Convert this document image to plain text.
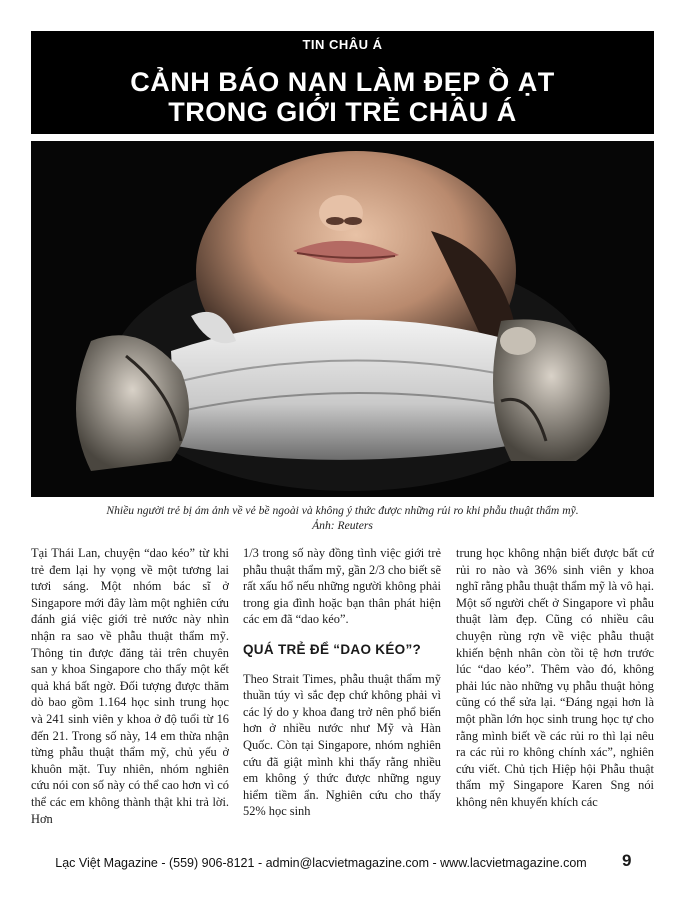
TIN CHÂU Á
CẢNH BÁO NẠN LÀM ĐẸP Ồ ẠT
TRONG GIỚI TRẺ CHÂU Á
Nhiều người trẻ bị ám ảnh về vẻ bề ngoài và không ý thức được những rủi ro khi phẫu thuật thẩm mỹ.
Ảnh: Reuters

Tại Thái Lan, chuyện “dao kéo” từ khi trẻ đem lại hy vọng về một tương lai tươi sáng. Một nhóm bác sĩ ở Singapore mới đây làm một nghiên cứu đánh giá việc giới trẻ nước này nhìn nhận ra sao về phẫu thuật thẩm mỹ. Thông tin được đăng tải trên chuyên san y khoa Singapore cho thấy một kết quả khá bất ngờ. Đối tượng được thăm dò bao gồm 1.164 học sinh trung học và 241 sinh viên y khoa ở độ tuổi từ 16 đến 21. Trong số này, 14 em thừa nhận từng phẫu thuật thẩm mỹ, chủ yếu ở khuôn mặt. Tuy nhiên, nhóm nghiên cứu nói con số này có thể cao hơn vì có thể các em không thành thật khi trả lời. Hơn

1/3 trong số này đồng tình việc giới trẻ phẫu thuật thẩm mỹ, gần 2/3 cho biết sẽ rất xấu hổ nếu những người không phải trong gia đình hoặc bạn thân phát hiện các em đã “dao kéo”.

QUÁ TRẺ ĐỂ “DAO KÉO”?

Theo Strait Times, phẫu thuật thẩm mỹ thuần túy vì sắc đẹp chứ không phải vì các lý do y khoa đang trở nên phổ biến hơn ở nhiều nước như Mỹ và Hàn Quốc. Còn tại Singapore, nhóm nghiên cứu đã giật mình khi thấy rằng nhiều em không ý thức được những nguy hiểm tiềm ẩn. Nghiên cứu cho thấy 52% học sinh

trung học không nhận biết được bất cứ rủi ro nào và 36% sinh viên y khoa nghĩ rằng phẫu thuật thẩm mỹ là vô hại. Một số người chết ở Singapore vì phẫu thuật làm đẹp. Cũng có nhiều câu chuyện rùng rợn về việc phẫu thuật khiến bệnh nhân còn tồi tệ hơn trước lúc “dao kéo”. Thêm vào đó, không phải lúc nào những vụ phẫu thuật hỏng cũng có thể sửa lại. “Đáng ngại hơn là một phần lớn học sinh trung học tự cho rằng mình biết về các rủi ro thì lại nêu ra các rủi ro không chính xác”, nghiên cứu viết. Chủ tịch Hiệp hội Phẫu thuật thẩm mỹ Singapore Karen Sng nói không nên khuyến khích các

Lạc Việt Magazine - (559) 906-8121 - admin@lacvietmagazine.com - www.lacvietmagazine.com	9
